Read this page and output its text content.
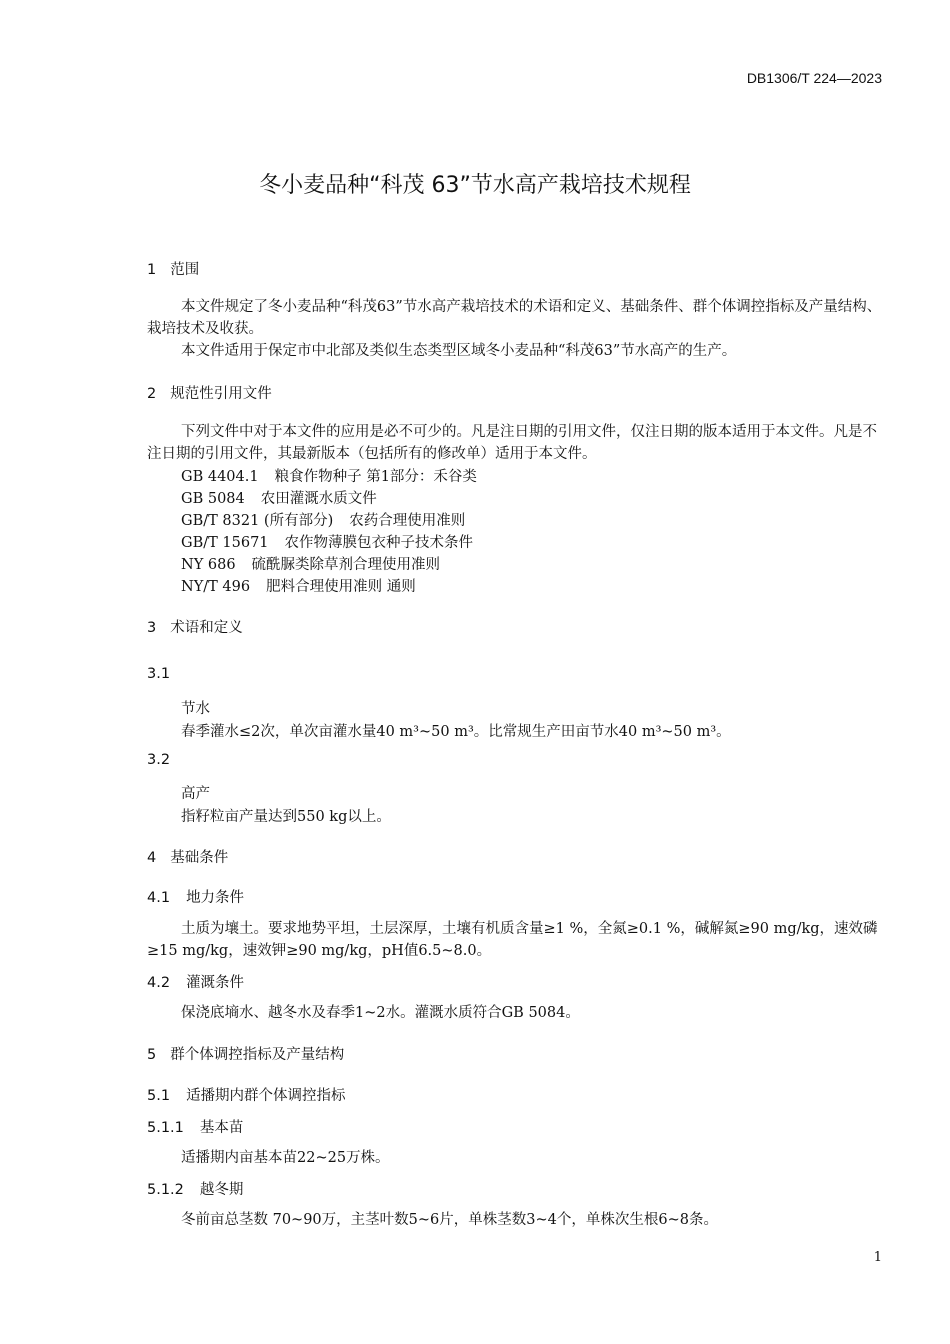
DB1306/T 224—2023
冬小麦品种“科茂 63”节水高产栽培技术规程
1 范围
本文件规定了冬小麦品种“科茂63”节水高产栽培技术的术语和定义、基础条件、群个体调控指标及产量结构、栽培技术及收获。
本文件适用于保定市中北部及类似生态类型区域冬小麦品种“科茂63”节水高产的生产。
2 规范性引用文件
下列文件中对于本文件的应用是必不可少的。凡是注日期的引用文件，仅注日期的版本适用于本文件。凡是不注日期的引用文件，其最新版本（包括所有的修改单）适用于本文件。
GB 4404.1 粮食作物种子 第1部分：禾谷类
GB 5084 农田灌溉水质文件
GB/T 8321 (所有部分) 农药合理使用准则
GB/T 15671 农作物薄膜包衣种子技术条件
NY 686 硫酰脲类除草剂合理使用准则
NY/T 496 肥料合理使用准则 通则
3 术语和定义
3.1
节水
春季灌水≤2次，单次亩灌水量40 m³~50 m³。比常规生产田亩节水40 m³~50 m³。
3.2
高产
指籽粒亩产量达到550 kg以上。
4 基础条件
4.1 地力条件
土质为壤土。要求地势平坦，土层深厚，土壤有机质含量≥1 %，全氮≥0.1 %，碱解氮≥90 mg/kg，速效磷≥15 mg/kg，速效钾≥90 mg/kg，pH值6.5~8.0。
4.2 灌溉条件
保浇底墒水、越冬水及春季1~2水。灌溉水质符合GB 5084。
5 群个体调控指标及产量结构
5.1 适播期内群个体调控指标
5.1.1 基本苗
适播期内亩基本苗22~25万株。
5.1.2 越冬期
冬前亩总茎数 70~90万，主茎叶数5~6片，单株茎数3~4个，单株次生根6~8条。
1
